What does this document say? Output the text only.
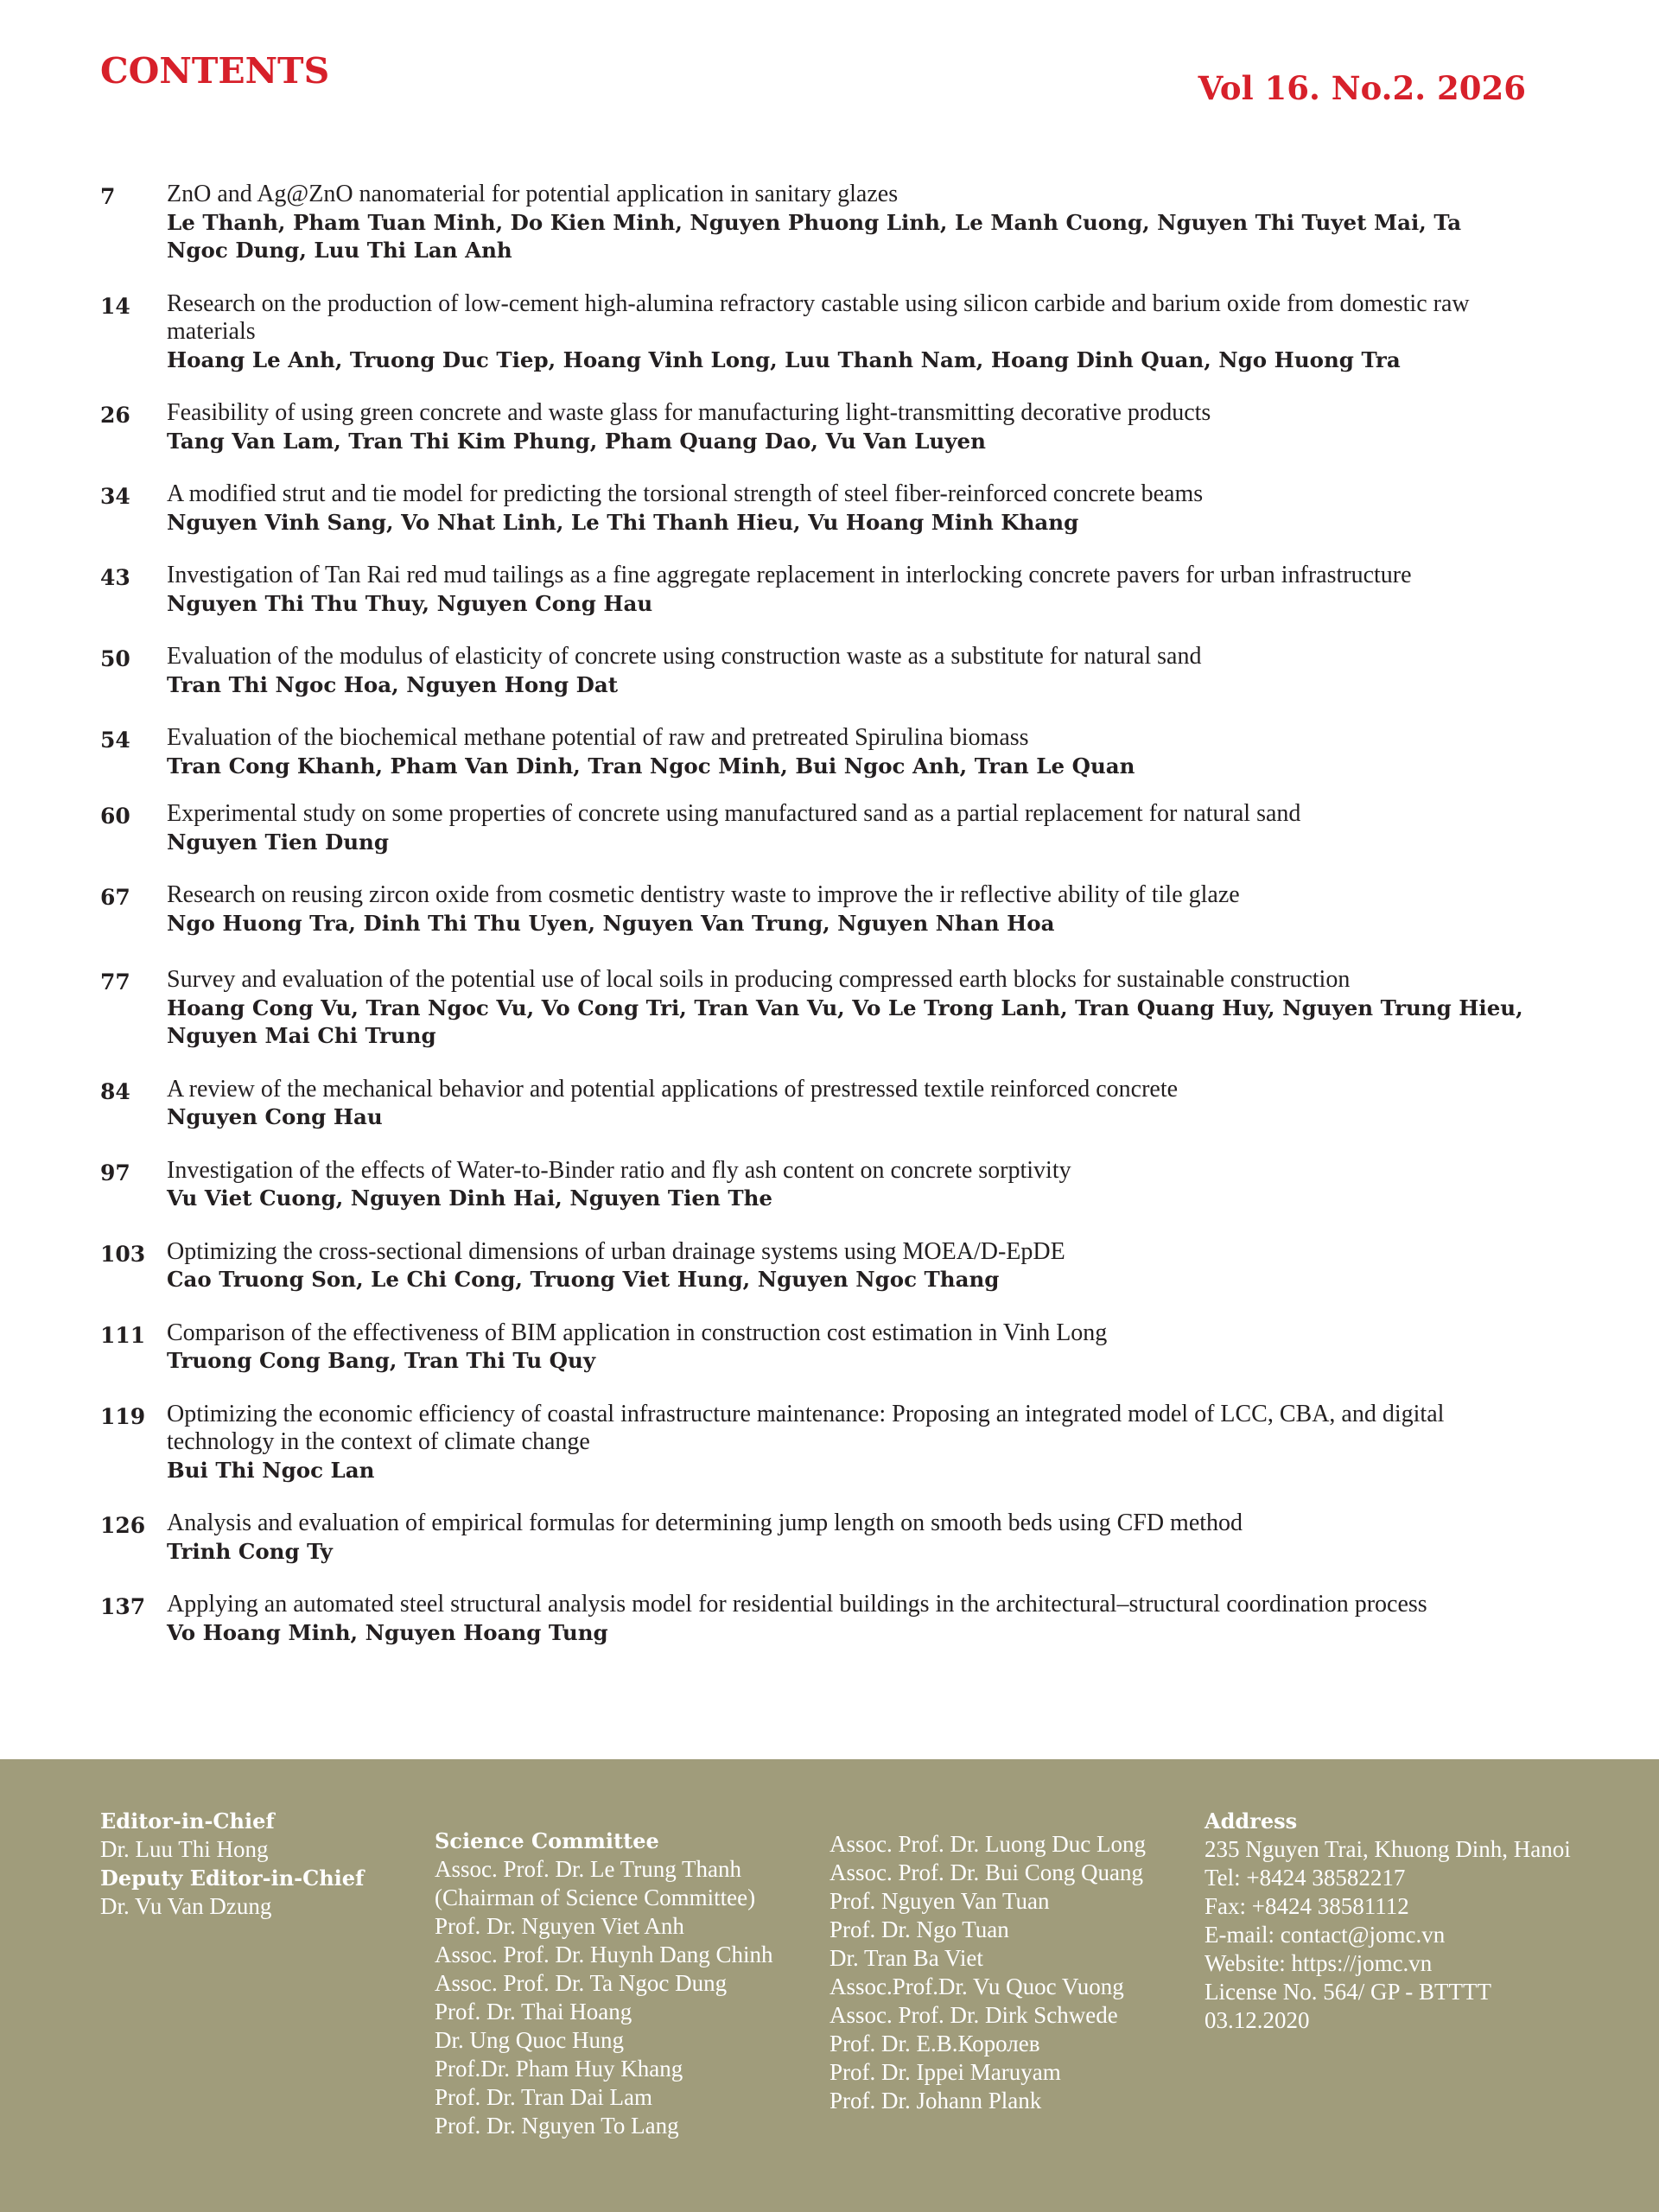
CONTENTS	Vol 16. No.2. 2026
7	ZnO and Ag@ZnO nanomaterial for potential application in sanitary glazes
Le Thanh, Pham Tuan Minh, Do Kien Minh, Nguyen Phuong Linh, Le Manh Cuong, Nguyen Thi Tuyet Mai, Ta Ngoc Dung, Luu Thi Lan Anh
14	Research on the production of low-cement high-alumina refractory castable using silicon carbide and barium oxide from domestic raw materials
Hoang Le Anh, Truong Duc Tiep, Hoang Vinh Long, Luu Thanh Nam, Hoang Dinh Quan, Ngo Huong Tra
26	Feasibility of using green concrete and waste glass for manufacturing light-transmitting decorative products
Tang Van Lam, Tran Thi Kim Phung, Pham Quang Dao, Vu Van Luyen
34	A modified strut and tie model for predicting the torsional strength of steel fiber-reinforced concrete beams
Nguyen Vinh Sang, Vo Nhat Linh, Le Thi Thanh Hieu, Vu Hoang Minh Khang
43	Investigation of Tan Rai red mud tailings as a fine aggregate replacement in interlocking concrete pavers for urban infrastructure
Nguyen Thi Thu Thuy, Nguyen Cong Hau
50	Evaluation of the modulus of elasticity of concrete using construction waste as a substitute for natural sand
Tran Thi Ngoc Hoa, Nguyen Hong Dat
54	Evaluation of the biochemical methane potential of raw and pretreated Spirulina biomass
Tran Cong Khanh, Pham Van Dinh, Tran Ngoc Minh, Bui Ngoc Anh, Tran Le Quan
60	Experimental study on some properties of concrete using manufactured sand as a partial replacement for natural sand
Nguyen Tien Dung
67	Research on reusing zircon oxide from cosmetic dentistry waste to improve the ir reflective ability of tile glaze
Ngo Huong Tra, Dinh Thi Thu Uyen, Nguyen Van Trung, Nguyen Nhan Hoa
77	Survey and evaluation of the potential use of local soils in producing compressed earth blocks for sustainable construction
Hoang Cong Vu, Tran Ngoc Vu, Vo Cong Tri, Tran Van Vu, Vo Le Trong Lanh, Tran Quang Huy, Nguyen Trung Hieu, Nguyen Mai Chi Trung
84	A review of the mechanical behavior and potential applications of prestressed textile reinforced concrete
Nguyen Cong Hau
97	Investigation of the effects of Water-to-Binder ratio and fly ash content on concrete sorptivity
Vu Viet Cuong, Nguyen Dinh Hai, Nguyen Tien The
103 Optimizing the cross-sectional dimensions of urban drainage systems using MOEA/D-EpDE
Cao Truong Son, Le Chi Cong, Truong Viet Hung, Nguyen Ngoc Thang
111 Comparison of the effectiveness of BIM application in construction cost estimation in Vinh Long
Truong Cong Bang, Tran Thi Tu Quy
119 Optimizing the economic efficiency of coastal infrastructure maintenance: Proposing an integrated model of LCC, CBA, and digital technology in the context of climate change
Bui Thi Ngoc Lan
126 Analysis and evaluation of empirical formulas for determining jump length on smooth beds using CFD method
Trinh Cong Ty
137 Applying an automated steel structural analysis model for residential buildings in the architectural–structural coordination process
Vo Hoang Minh, Nguyen Hoang Tung
Editor-in-Chief
Dr. Luu Thi Hong
Deputy Editor-in-Chief
Dr. Vu Van Dzung
Science Committee
Assoc. Prof. Dr. Le Trung Thanh
(Chairman of Science Committee)
Prof. Dr. Nguyen Viet Anh
Assoc. Prof. Dr. Huynh Dang Chinh
Assoc. Prof. Dr. Ta Ngoc Dung
Prof. Dr. Thai Hoang
Dr. Ung Quoc Hung
Prof.Dr. Pham Huy Khang
Prof. Dr. Tran Dai Lam
Prof. Dr. Nguyen To Lang
Assoc. Prof. Dr. Luong Duc Long
Assoc. Prof. Dr. Bui Cong Quang
Prof. Nguyen Van Tuan
Prof. Dr. Ngo Tuan
Dr. Tran Ba Viet
Assoc.Prof.Dr. Vu Quoc Vuong
Assoc. Prof. Dr. Dirk Schwede
Prof. Dr. E.B.Королев
Prof. Dr. Ippei Maruyam
Prof. Dr. Johann Plank
Address
235 Nguyen Trai, Khuong Dinh, Hanoi
Tel: +8424 38582217
Fax: +8424 38581112
E-mail: contact@jomc.vn
Website: https://jomc.vn
License No. 564/ GP - BTTTT
03.12.2020
